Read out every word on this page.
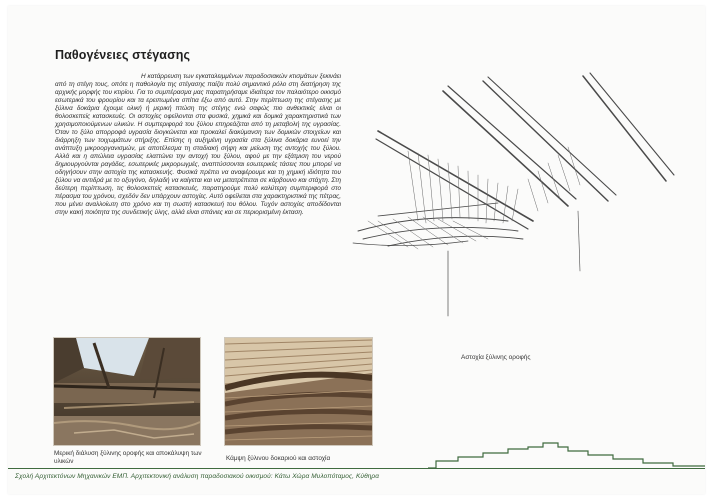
Παθογένειες στέγασης
Η κατάρρευση των εγκαταλειμμένων παραδοσιακών κτισμάτων ξεκινάει από τη στέγη τους, οπότε η παθολογία της στέγασης παίζει πολύ σημαντικό ρόλο στη διατήρηση της αρχικής μορφής του κτιρίου. Για το συμπέρασμα μας παρατηρήσαμε ιδιαίτερα τον παλαιότερο οικισμό εσωτερικά του φρουρίου και τα ερειπωμένα σπίτια έξω από αυτό. Στην περίπτωση της στέγασης με ξύλινα δοκάρια έχουμε ολική ή μερική πτώση της στέγης ενώ σαφώς πιο ανθεκτικές είναι οι θολοσκεπείς κατασκευές. Οι αστοχίες οφείλονται στα φυσικά, χημικά και δομικά χαρακτηριστικά των χρησιμοποιούμενων υλικών. Η συμπεριφορά του ξύλου επηρεάζεται από τη μεταβολή της υγρασίας. Όταν το ξύλο απορροφά υγρασία διογκώνεται και προκαλεί διακύμανση των δομικών στοιχείων και διάρρηξη των τοιχωμάτων στήριξης. Επίσης η αυξημένη υγρασία στα ξύλινα δοκάρια ευνοεί την ανάπτυξη μικροοργανισμών, με αποτέλεσμα τη σταδιακή σήψη και μείωση της αντοχής του ξύλου. Αλλά και η απώλεια υγρασίας ελαττώνει την αντοχή του ξύλου, αφού με την εξάτμιση του νερού δημιουργούνται ραγάδες, εσωτερικές μικρορωγμές, αναπτύσσονται εσωτερικές τάσεις που μπορεί να οδηγήσουν στην αστοχία της κατασκευής. Φυσικά πρέπει να αναφέρουμε και τη χημική ιδιότητα του ξύλου να αντιδρά με το οξυγόνο, δηλαδή να καίγεται και να μετατρέπεται σε κάρβουνο και στάχτη. Στη δεύτερη περίπτωση, τις θολοσκεπείς κατασκευές, παρατηρούμε πολύ καλύτερη συμπεριφορά στο πέρασμα του χρόνου, σχεδόν δεν υπάρχουν αστοχίες. Αυτό οφείλεται στα χαρακτηριστικά της πέτρας, που μένει αναλλοίωτη στο χρόνο και τη σωστή κατασκευή του θόλου. Τυχόν αστοχίες αποδίδονται στην κακή ποιότητα της συνδετικής ύλης, αλλά είναι σπάνιες και σε περιορισμένη έκταση.
Μερική διάλυση ξύλινης οροφής και αποκάλυψη των υλικών	Κάμψη ξύλινου δοκαριού και αστοχία
Αστοχία ξύλινης οροφής
Σχολή Αρχιτεκτόνων Μηχανικών ΕΜΠ. Αρχιτεκτονική ανάλυση παραδοσιακού οικισμού: Κάτω Χώρα Μυλοπόταμος, Κύθηρα
